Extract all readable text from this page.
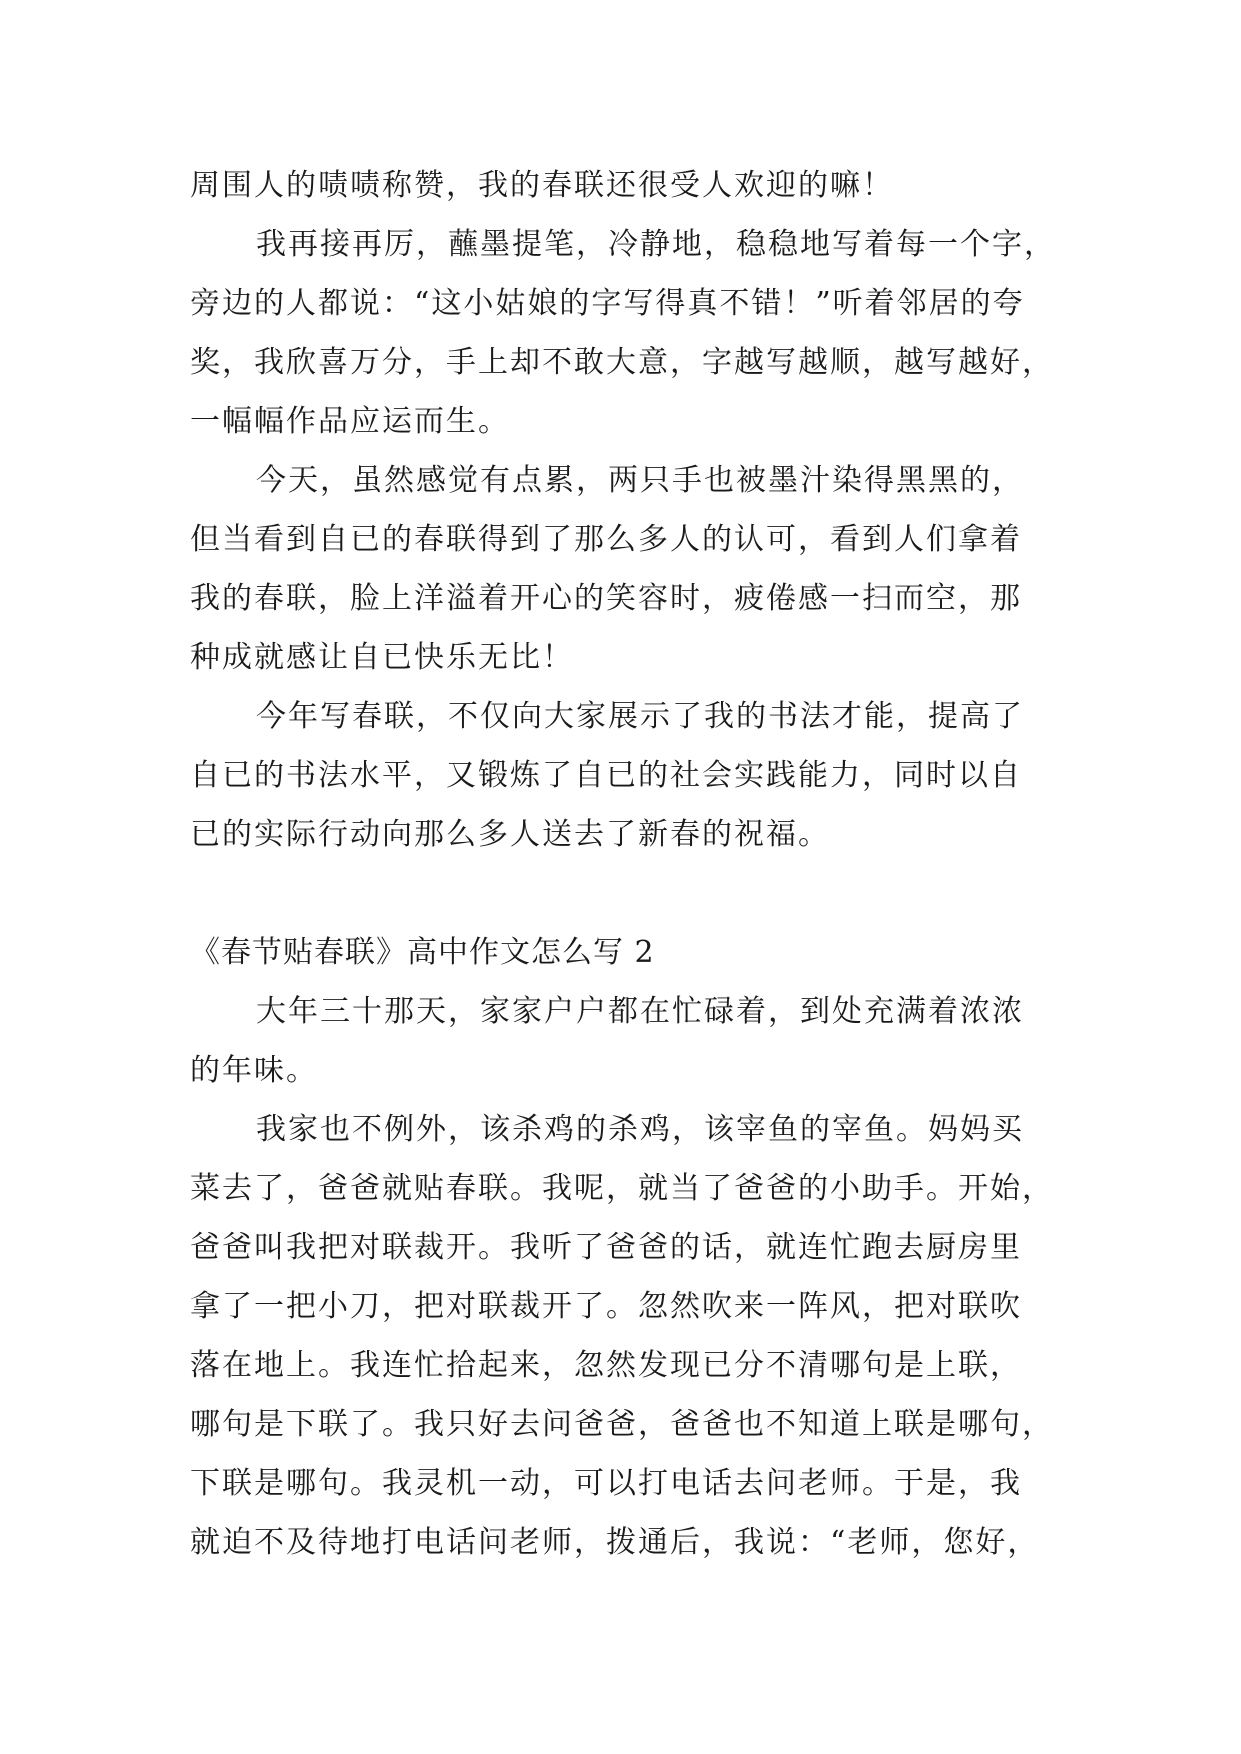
周围人的啧啧称赞，我的春联还很受人欢迎的嘛！
我再接再厉，蘸墨提笔，冷静地，稳稳地写着每一个字，
旁边的人都说：“这小姑娘的字写得真不错！”听着邻居的夸
奖，我欣喜万分，手上却不敢大意，字越写越顺，越写越好，
一幅幅作品应运而生。
今天，虽然感觉有点累，两只手也被墨汁染得黑黑的，
但当看到自已的春联得到了那么多人的认可，看到人们拿着
我的春联，脸上洋溢着开心的笑容时，疲倦感一扫而空，那
种成就感让自已快乐无比！
今年写春联，不仅向大家展示了我的书法才能，提高了
自已的书法水平，又锻炼了自已的社会实践能力，同时以自
已的实际行动向那么多人送去了新春的祝福。
《春节贴春联》高中作文怎么写 2
大年三十那天，家家户户都在忙碌着，到处充满着浓浓
的年味。
我家也不例外，该杀鸡的杀鸡，该宰鱼的宰鱼。妈妈买
菜去了，爸爸就贴春联。我呢，就当了爸爸的小助手。开始，
爸爸叫我把对联裁开。我听了爸爸的话，就连忙跑去厨房里
拿了一把小刀，把对联裁开了。忽然吹来一阵风，把对联吹
落在地上。我连忙拾起来，忽然发现已分不清哪句是上联，
哪句是下联了。我只好去问爸爸，爸爸也不知道上联是哪句，
下联是哪句。我灵机一动，可以打电话去问老师。于是，我
就迫不及待地打电话问老师，拨通后，我说：“老师，您好，
